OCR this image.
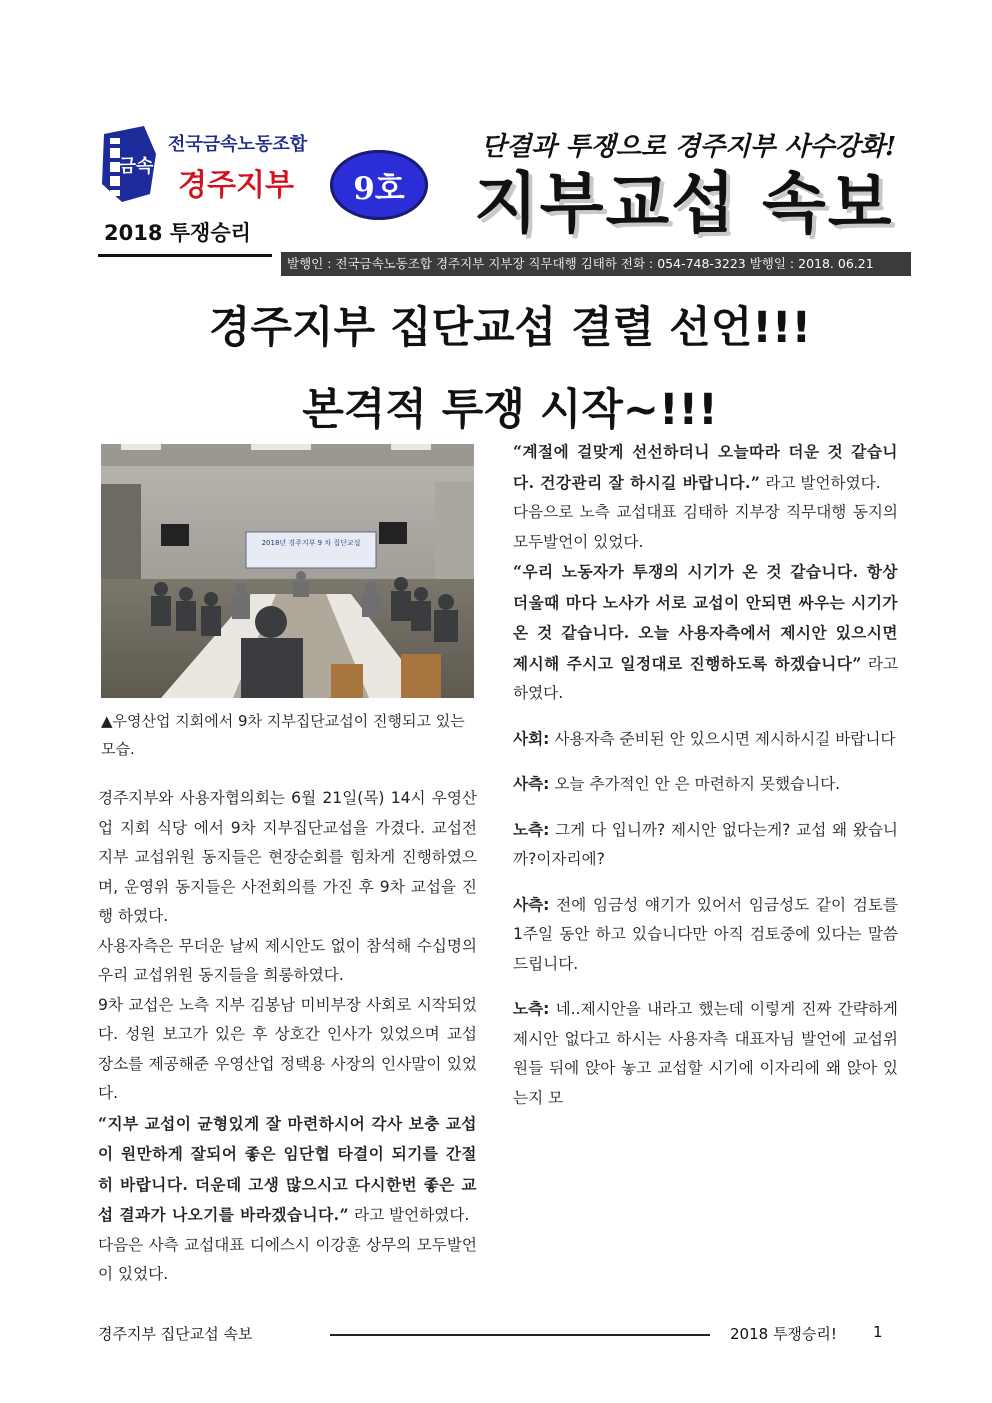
금속
전국금속노동조합
경주지부
2018 투쟁승리
9호
단결과 투쟁으로 경주지부 사수강화!
지부교섭 속보
발행인 : 전국금속노동조합 경주지부 지부장 직무대행 김태하 전화 : 054-748-3223 발행일 : 2018. 06.21
경주지부 집단교섭 결렬 선언!!!
본격적 투쟁 시작~!!!
2018년 경주지부 9 차 집단교섭
▲우영산업 지회에서 9차 지부집단교섭이 진행되고 있는 모습.

경주지부와 사용자협의회는 6월 21일(목) 14시 우영산업 지회 식당 에서 9차 지부집단교섭을 가겼다. 교섭전 지부 교섭위원 동지들은 현장순회를 힘차게 진행하였으며, 운영위 동지들은 사전회의를 가진 후 9차 교섭을 진행 하였다.

사용자측은 무더운 날씨 제시안도 없이 참석해 수십명의 우리 교섭위원 동지들을 희롱하였다.

9차 교섭은 노측 지부 김봉남 미비부장 사회로 시작되었다. 성원 보고가 있은 후 상호간 인사가 있었으며 교섭 장소를 제공해준 우영산업 정택용 사장의 인사말이 있었다.

“지부 교섭이 균형있게 잘 마련하시어 각사 보충 교섭이 원만하게 잘되어 좋은 임단협 타결이 되기를 간절히 바랍니다. 더운데 고생 많으시고 다시한번 좋은 교섭 결과가 나오기를 바라겠습니다.” 라고 발언하였다.

다음은 사측 교섭대표 디에스시 이강훈 상무의 모두발언이 있었다.

“계절에 걸맞게 선선하더니 오늘따라 더운 것 같습니다. 건강관리 잘 하시길 바랍니다.” 라고 발언하였다.

다음으로 노측 교섭대표 김태하 지부장 직무대행 동지의 모두발언이 있었다.

“우리 노동자가 투쟁의 시기가 온 것 같습니다. 항상 더울때 마다 노사가 서로 교섭이 안되면 싸우는 시기가 온 것 같습니다. 오늘 사용자측에서 제시안 있으시면 제시해 주시고 일정대로 진행하도록 하겠습니다” 라고 하였다.

사회: 사용자측 준비된 안 있으시면 제시하시길 바랍니다

사측: 오늘 추가적인 안 은 마련하지 못했습니다.

노측: 그게 다 입니까? 제시안 없다는게? 교섭 왜 왔습니까?이자리에?

사측: 전에 임금성 얘기가 있어서 임금성도 같이 검토를 1주일 동안 하고 있습니다만 아직 검토중에 있다는 말씀드립니다.

노측: 네..제시안을 내라고 했는데 이렇게 진짜 간략하게 제시안 없다고 하시는 사용자측 대표자님 발언에 교섭위원들 뒤에 앉아 놓고 교섭할 시기에 이자리에 왜 앉아 있는지 모

경주지부 집단교섭 속보	2018 투쟁승리! 1
